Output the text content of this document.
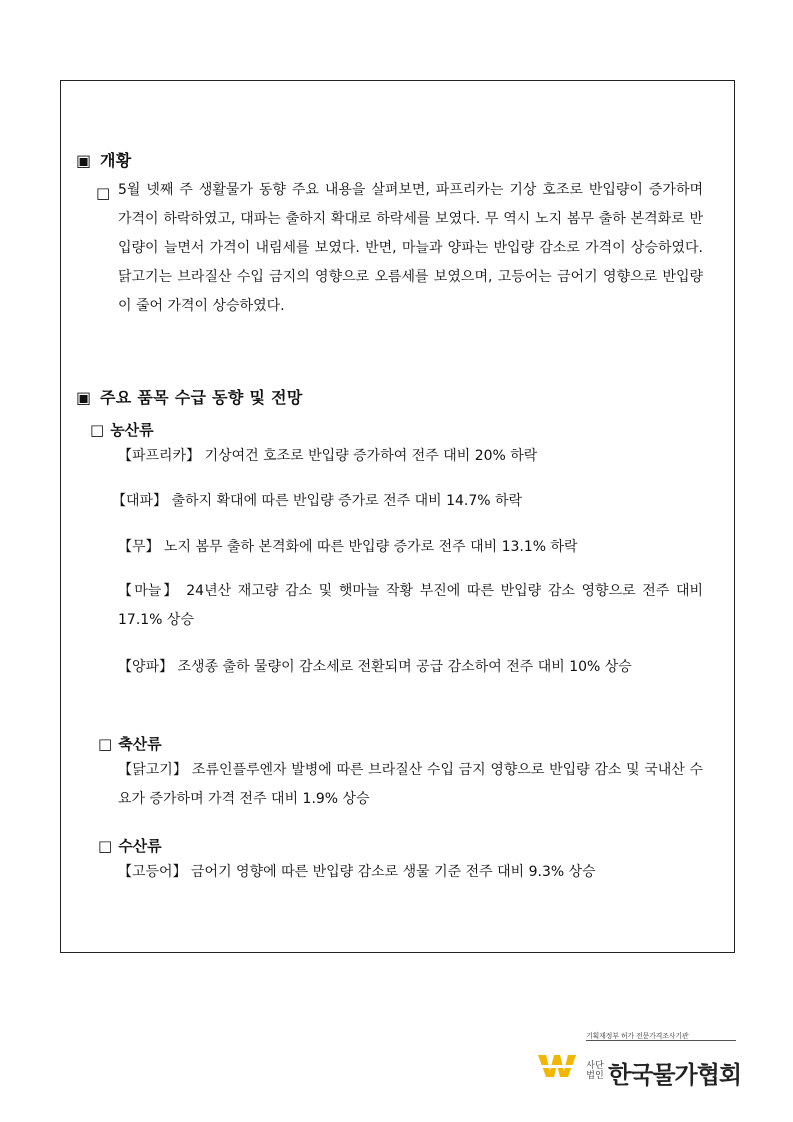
▣ 개황
□ 5월 넷째 주 생활물가 동향 주요 내용을 살펴보면, 파프리카는 기상 호조로 반입량이 증가하며 가격이 하락하였고, 대파는 출하지 확대로 하락세를 보였다. 무 역시 노지 봄무 출하 본격화로 반입량이 늘면서 가격이 내림세를 보였다. 반면, 마늘과 양파는 반입량 감소로 가격이 상승하였다. 닭고기는 브라질산 수입 금지의 영향으로 오름세를 보였으며, 고등어는 금어기 영향으로 반입량이 줄어 가격이 상승하였다.
▣ 주요 품목 수급 동향 및 전망
□ 농산류
【파프리카】 기상여건 호조로 반입량 증가하여 전주 대비 20% 하락
【대파】 출하지 확대에 따른 반입량 증가로 전주 대비 14.7% 하락
【무】 노지 봄무 출하 본격화에 따른 반입량 증가로 전주 대비 13.1% 하락
【마늘】 24년산 재고량 감소 및 햇마늘 작황 부진에 따른 반입량 감소 영향으로 전주 대비 17.1% 상승
【양파】 조생종 출하 물량이 감소세로 전환되며 공급 감소하여 전주 대비 10% 상승
□ 축산류
【닭고기】 조류인플루엔자 발병에 따른 브라질산 수입 금지 영향으로 반입량 감소 및 국내산 수요가 증가하며 가격 전주 대비 1.9% 상승
□ 수산류
【고등어】 금어기 영향에 따른 반입량 감소로 생물 기준 전주 대비 9.3% 상승
기획재정부 허가 전문가격조사기관
사단법인 한국물가협회
